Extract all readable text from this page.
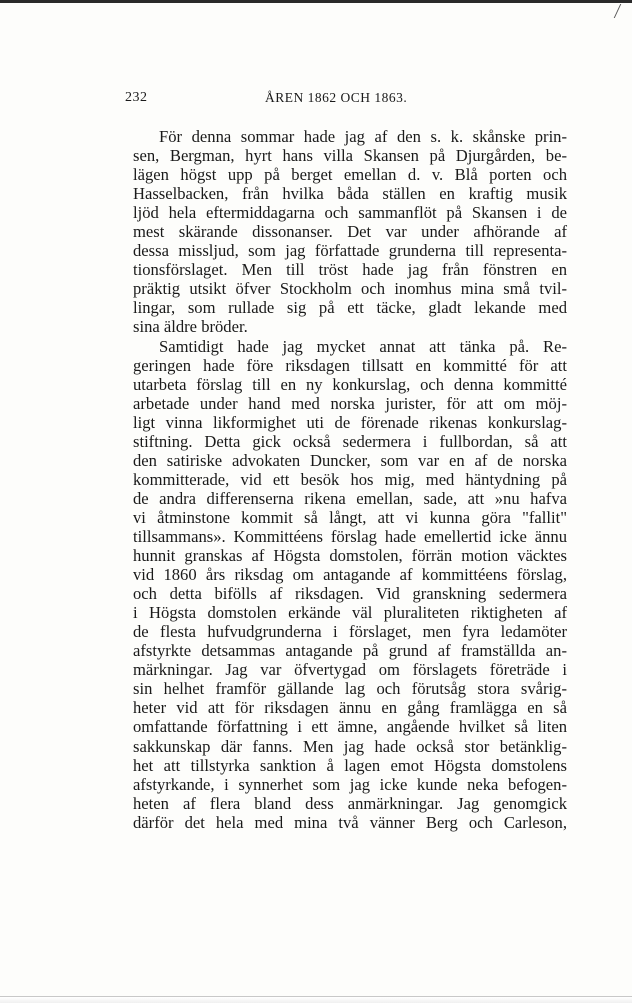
232	ÅREN 1862 OCH 1863.

För denna sommar hade jag af den s. k. skånske prin-
sen, Bergman, hyrt hans villa Skansen på Djurgården, be-
lägen högst upp på berget emellan d. v. Blå porten och
Hasselbacken, från hvilka båda ställen en kraftig musik
ljöd hela eftermiddagarna och sammanflöt på Skansen i de
mest skärande dissonanser. Det var under afhörande af
dessa missljud, som jag författade grunderna till representa-
tionsförslaget. Men till tröst hade jag från fönstren en
präktig utsikt öfver Stockholm och inomhus mina små tvil-
lingar, som rullade sig på ett täcke, gladt lekande med
sina äldre bröder.

Samtidigt hade jag mycket annat att tänka på. Re-
geringen hade före riksdagen tillsatt en kommitté för att
utarbeta förslag till en ny konkurslag, och denna kommitté
arbetade under hand med norska jurister, för att om möj-
ligt vinna likformighet uti de förenade rikenas konkurslag-
stiftning. Detta gick också sedermera i fullbordan, så att
den satiriske advokaten Duncker, som var en af de norska
kommitterade, vid ett besök hos mig, med häntydning på
de andra differenserna rikena emellan, sade, att »nu hafva
vi åtminstone kommit så långt, att vi kunna göra "fallit"
tillsammans». Kommittéens förslag hade emellertid icke ännu
hunnit granskas af Högsta domstolen, förrän motion väcktes
vid 1860 års riksdag om antagande af kommittéens förslag,
och detta bifölls af riksdagen. Vid granskning sedermera
i Högsta domstolen erkände väl pluraliteten riktigheten af
de flesta hufvudgrunderna i förslaget, men fyra ledamöter
afstyrkte detsammas antagande på grund af framställda an-
märkningar. Jag var öfvertygad om förslagets företräde i
sin helhet framför gällande lag och förutsåg stora svårig-
heter vid att för riksdagen ännu en gång framlägga en så
omfattande författning i ett ämne, angående hvilket så liten
sakkunskap där fanns. Men jag hade också stor betänklig-
het att tillstyrka sanktion å lagen emot Högsta domstolens
afstyrkande, i synnerhet som jag icke kunde neka befogen-
heten af flera bland dess anmärkningar. Jag genomgick
därför det hela med mina två vänner Berg och Carleson,
